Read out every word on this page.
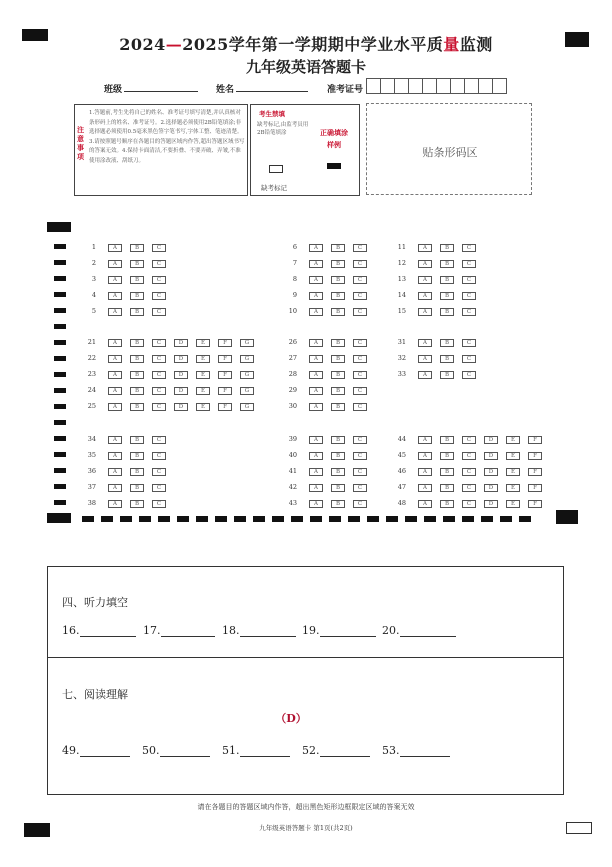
2024—2025学年第一学期期中学业水平质量监测
九年级英语答题卡
班级	姓名	准考证号
注意事项
1.答题前,考生先将自己的姓名、准考证号填写清楚,并认真核对条形码上的姓名、准考证号。2.选择题必须使用2B铅笔填涂;非选择题必须使用0.5毫米黑色签字笔书写,字体工整、笔迹清楚。3.请按照题号顺序在各题目的答题区域内作答,超出答题区域书写的答案无效。4.保持卡面清洁,不要折叠、不要弄破、弄皱,不准使用涂改液、刮纸刀。
考生禁填
缺考标记,由监考员用2B铅笔填涂
缺考标记
正确填涂样例
贴条形码区
1	A	B	C
2	A	B	C
3	A	B	C
4	A	B	C
5	A	B	C
6	A	B	C
7	A	B	C
8	A	B	C
9	A	B	C
10	A	B	C
11	A	B	C
12	A	B	C
13	A	B	C
14	A	B	C
15	A	B	C
21	A	B	C	D	E	F	G
22	A	B	C	D	E	F	G
23	A	B	C	D	E	F	G
24	A	B	C	D	E	F	G
25	A	B	C	D	E	F	G
26	A	B	C
27	A	B	C
28	A	B	C
29	A	B	C
30	A	B	C
31	A	B	C
32	A	B	C
33	A	B	C
34	A	B	C
35	A	B	C
36	A	B	C
37	A	B	C
38	A	B	C
39	A	B	C
40	A	B	C
41	A	B	C
42	A	B	C
43	A	B	C
44	A	B	C	D	E	F
45	A	B	C	D	E	F
46	A	B	C	D	E	F
47	A	B	C	D	E	F
48	A	B	C	D	E	F
四、听力填空
16.	17.	18.	19.	20.
七、阅读理解
（D）
49.	50.	51.	52.	53.
请在各题目的答题区域内作答，超出黑色矩形边框限定区域的答案无效
九年级英语答题卡 第1页(共2页)
